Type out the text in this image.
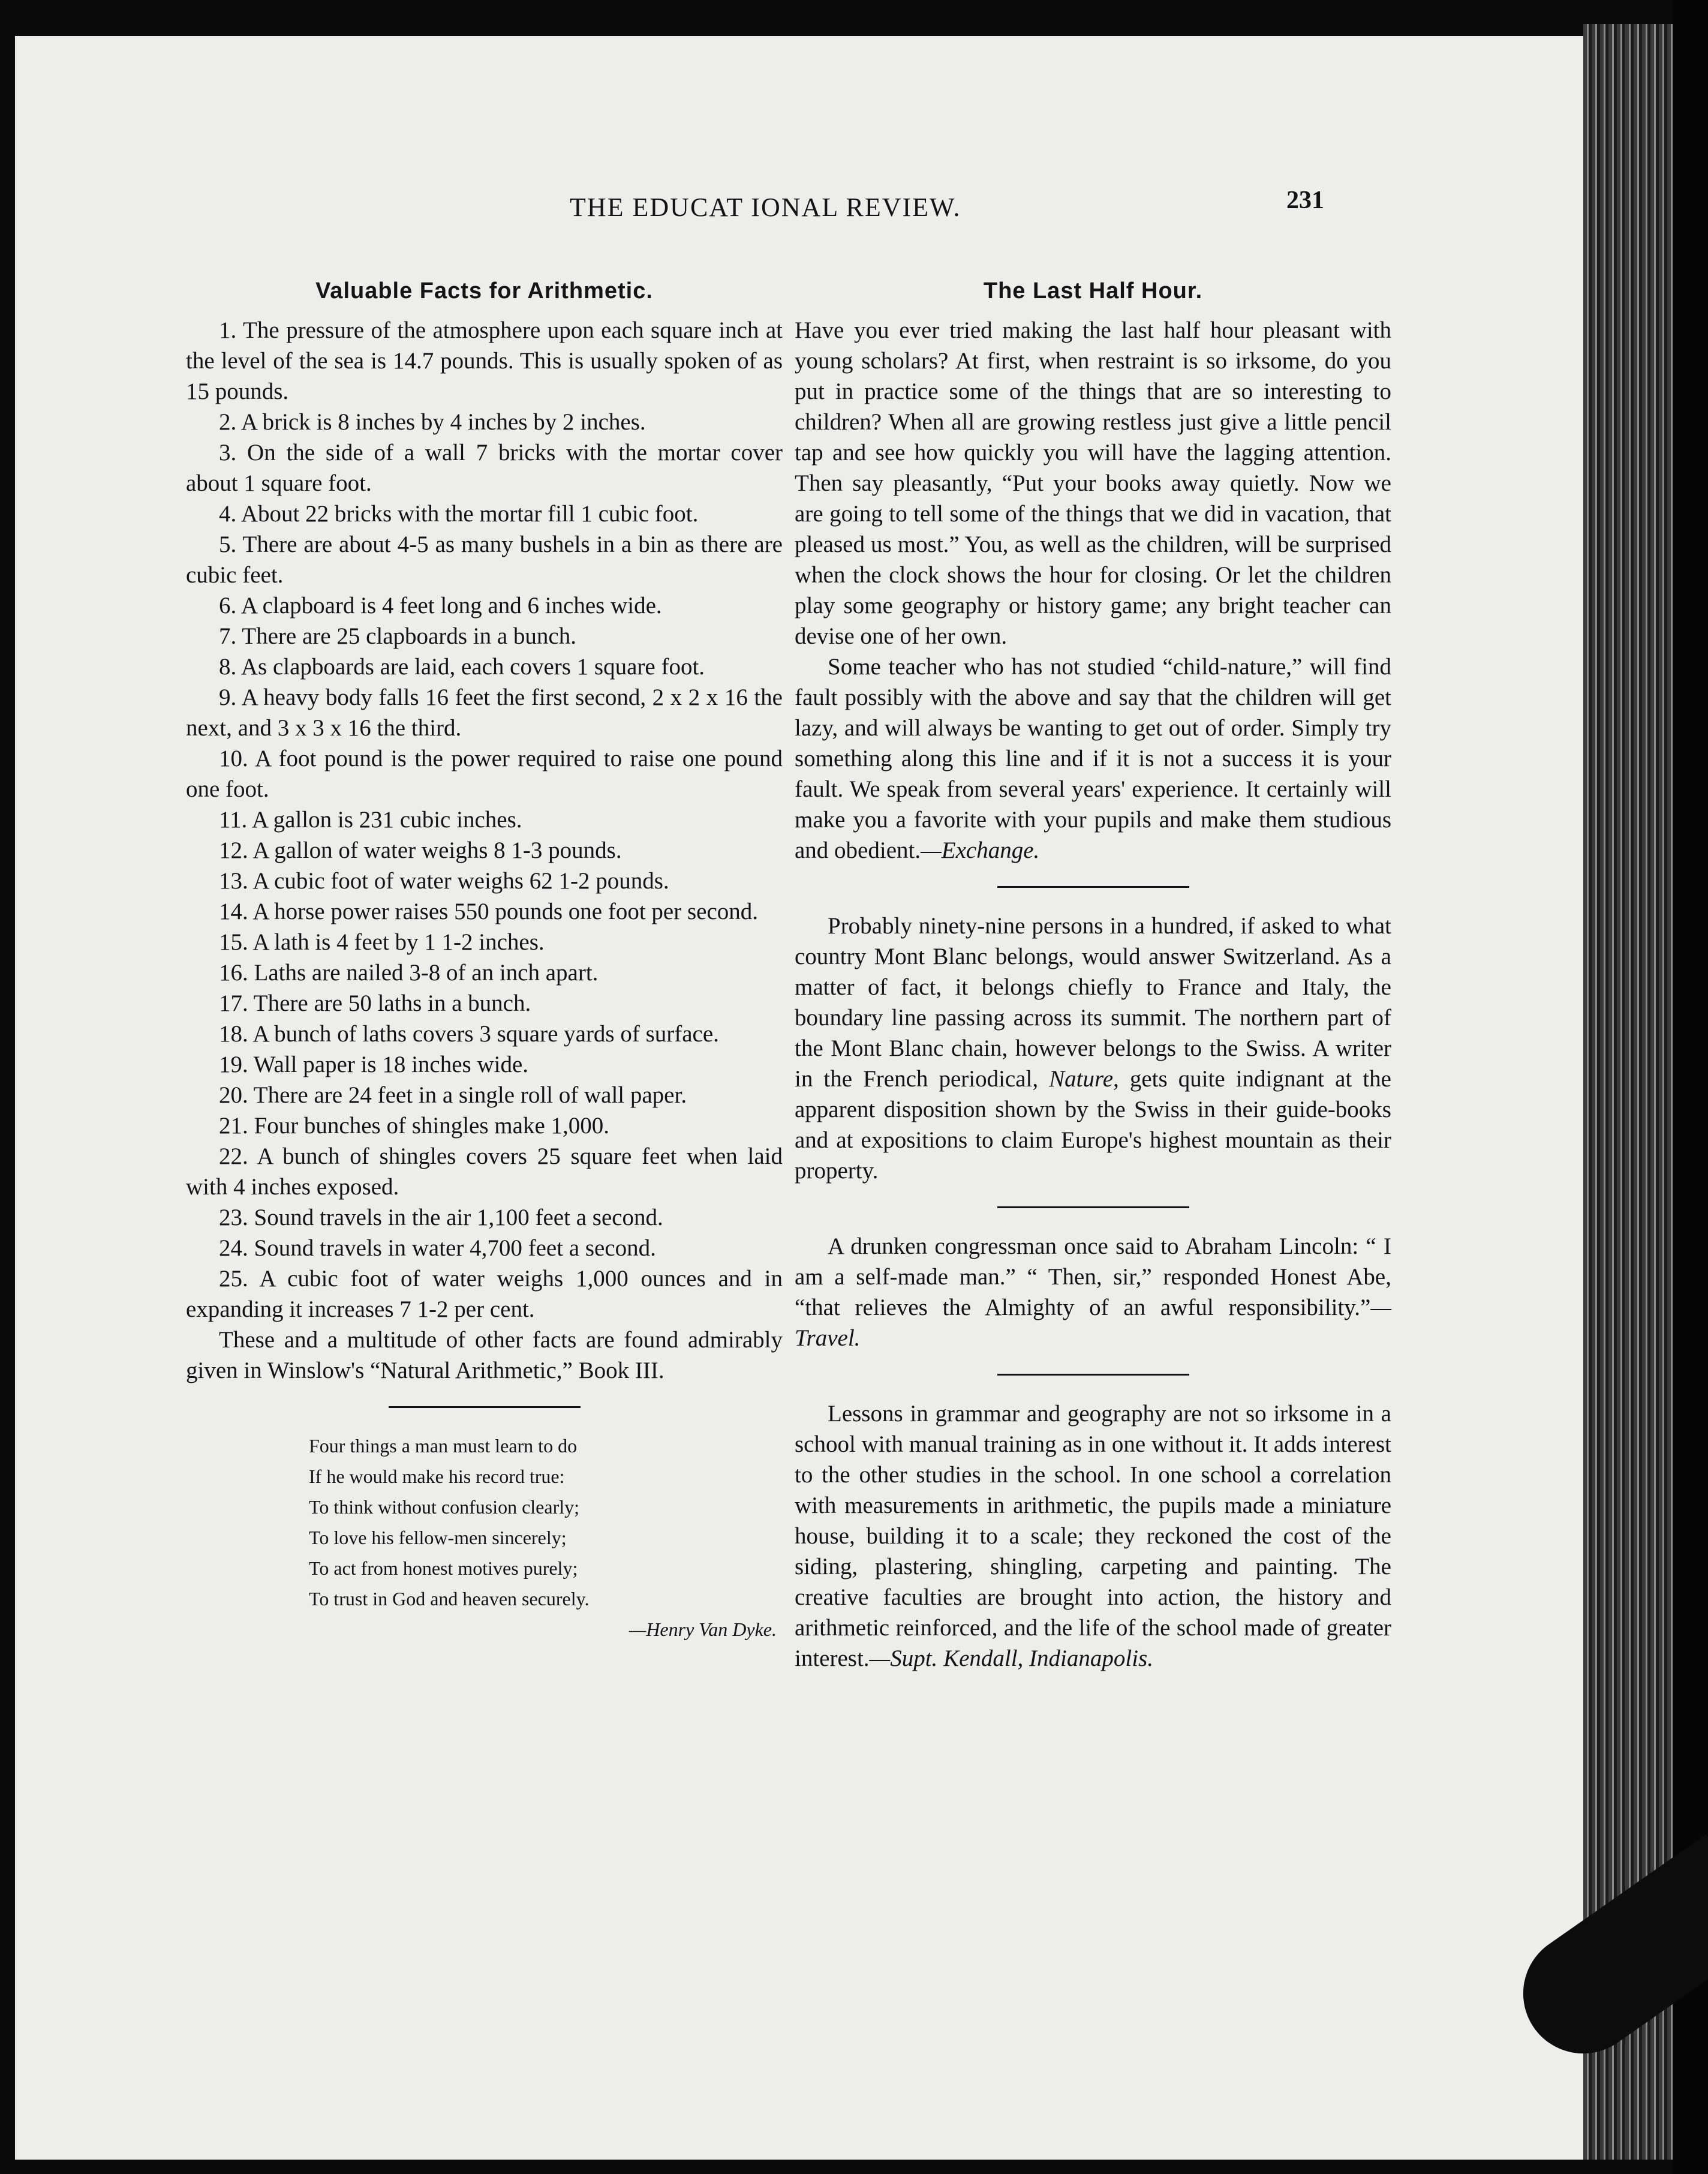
THE EDUCAT IONAL REVIEW.	231
Valuable Facts for Arithmetic.

1. The pressure of the atmosphere upon each square inch at the level of the sea is 14.7 pounds. This is usually spoken of as 15 pounds.

2. A brick is 8 inches by 4 inches by 2 inches.

3. On the side of a wall 7 bricks with the mortar cover about 1 square foot.

4. About 22 bricks with the mortar fill 1 cubic foot.

5. There are about 4-5 as many bushels in a bin as there are cubic feet.

6. A clapboard is 4 feet long and 6 inches wide.

7. There are 25 clapboards in a bunch.

8. As clapboards are laid, each covers 1 square foot.

9. A heavy body falls 16 feet the first second, 2 x 2 x 16 the next, and 3 x 3 x 16 the third.

10. A foot pound is the power required to raise one pound one foot.

11. A gallon is 231 cubic inches.

12. A gallon of water weighs 8 1-3 pounds.

13. A cubic foot of water weighs 62 1-2 pounds.

14. A horse power raises 550 pounds one foot per second.

15. A lath is 4 feet by 1 1-2 inches.

16. Laths are nailed 3-8 of an inch apart.

17. There are 50 laths in a bunch.

18. A bunch of laths covers 3 square yards of surface.

19. Wall paper is 18 inches wide.

20. There are 24 feet in a single roll of wall paper.

21. Four bunches of shingles make 1,000.

22. A bunch of shingles covers 25 square feet when laid with 4 inches exposed.

23. Sound travels in the air 1,100 feet a second.

24. Sound travels in water 4,700 feet a second.

25. A cubic foot of water weighs 1,000 ounces and in expanding it increases 7 1-2 per cent.

These and a multitude of other facts are found admirably given in Winslow's “Natural Arithmetic,” Book III.

Four things a man must learn to do
If he would make his record true:
To think without confusion clearly;
To love his fellow-men sincerely;
To act from honest motives purely;
To trust in God and heaven securely.
—Henry Van Dyke.
The Last Half Hour.

Have you ever tried making the last half hour pleasant with young scholars? At first, when restraint is so irksome, do you put in practice some of the things that are so interesting to children? When all are growing restless just give a little pencil tap and see how quickly you will have the lagging attention. Then say pleasantly, “Put your books away quietly. Now we are going to tell some of the things that we did in vacation, that pleased us most.” You, as well as the children, will be surprised when the clock shows the hour for closing. Or let the children play some geography or history game; any bright teacher can devise one of her own.

Some teacher who has not studied “child-nature,” will find fault possibly with the above and say that the children will get lazy, and will always be wanting to get out of order. Simply try something along this line and if it is not a success it is your fault. We speak from several years' experience. It certainly will make you a favorite with your pupils and make them studious and obedient.—Exchange.

Probably ninety-nine persons in a hundred, if asked to what country Mont Blanc belongs, would answer Switzerland. As a matter of fact, it belongs chiefly to France and Italy, the boundary line passing across its summit. The northern part of the Mont Blanc chain, however belongs to the Swiss. A writer in the French periodical, Nature, gets quite indignant at the apparent disposition shown by the Swiss in their guide-books and at expositions to claim Europe's highest mountain as their property.

A drunken congressman once said to Abraham Lincoln: “ I am a self-made man.” “ Then, sir,” responded Honest Abe, “that relieves the Almighty of an awful responsibility.”—Travel.

Lessons in grammar and geography are not so irksome in a school with manual training as in one without it. It adds interest to the other studies in the school. In one school a correlation with measurements in arithmetic, the pupils made a miniature house, building it to a scale; they reckoned the cost of the siding, plastering, shingling, carpeting and painting. The creative faculties are brought into action, the history and arithmetic reinforced, and the life of the school made of greater interest.—Supt. Kendall, Indianapolis.
